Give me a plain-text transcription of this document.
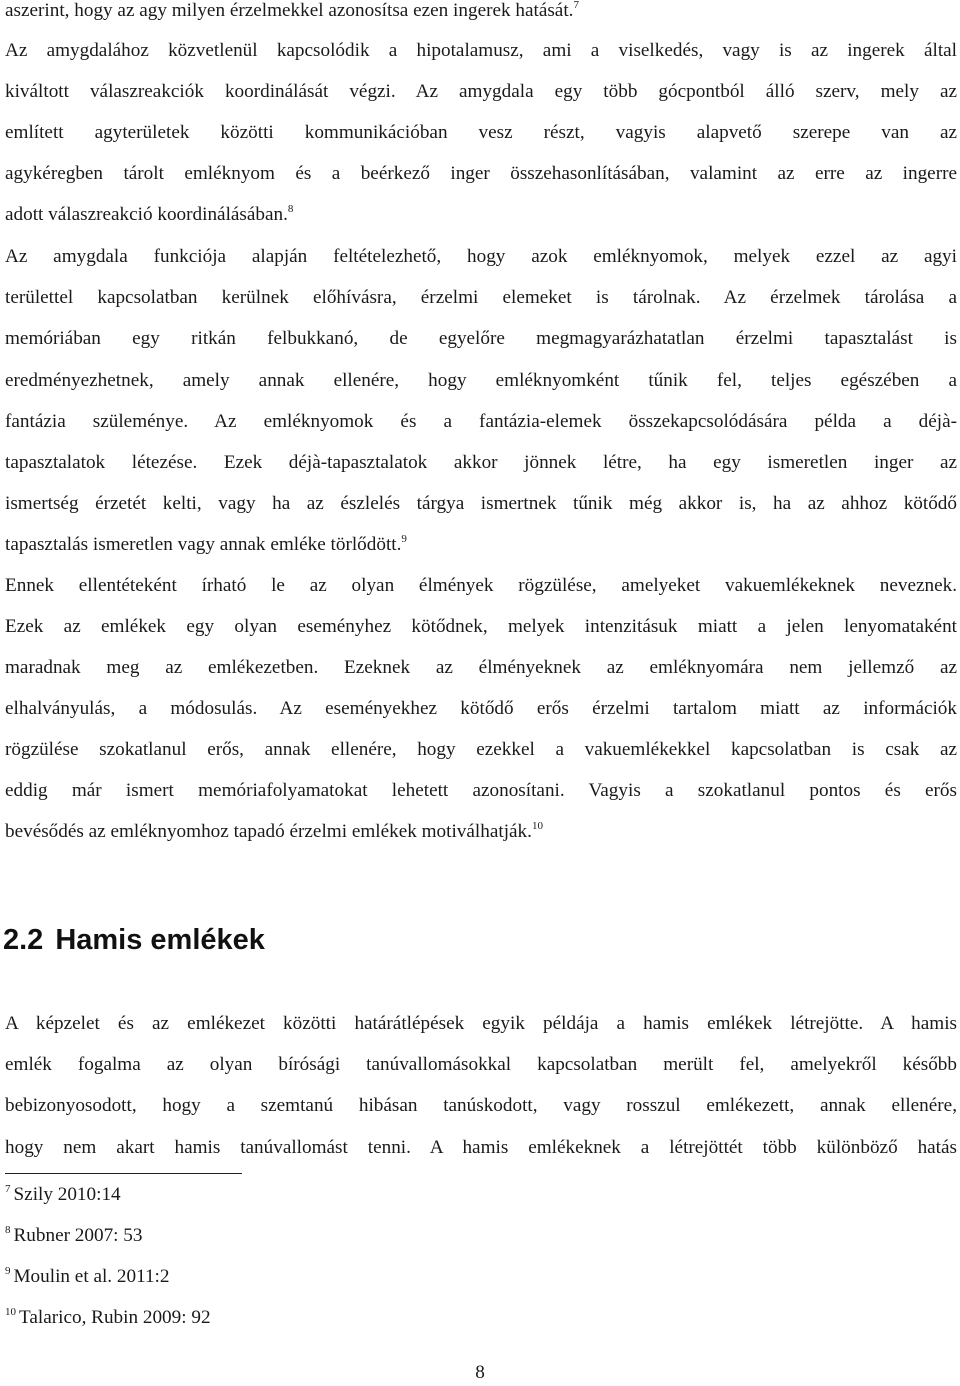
aszerint, hogy az agy milyen érzelmekkel azonosítsa ezen ingerek hatását.$^7$
Az amygdalához közvetlenül kapcsolódik a hipotalamusz, ami a viselkedés, vagy is az ingerek által
kiváltott válaszreakciók koordinálását végzi. Az amygdala egy több gócpontból álló szerv, mely az
említett agyterületek közötti kommunikációban vesz részt, vagyis alapvető szerepe van az
agykéregben tárolt emléknyom és a beérkező inger összehasonlításában, valamint az erre az ingerre
adott válaszreakció koordinálásában.$^8$
Az amygdala funkciója alapján feltételezhető, hogy azok emléknyomok, melyek ezzel az agyi
területtel kapcsolatban kerülnek előhívásra, érzelmi elemeket is tárolnak. Az érzelmek tárolása a
memóriában egy ritkán felbukkanó, de egyelőre megmagyarázhatatlan érzelmi tapasztalást is
eredményezhetnek, amely annak ellenére, hogy emléknyomként tűnik fel, teljes egészében a
fantázia szüleménye. Az emléknyomok és a fantázia-elemek összekapcsolódására példa a déjà-
tapasztalatok létezése. Ezek déjà-tapasztalatok akkor jönnek létre, ha egy ismeretlen inger az
ismertség érzetét kelti, vagy ha az észlelés tárgya ismertnek tűnik még akkor is, ha az ahhoz kötődő
tapasztalás ismeretlen vagy annak emléke törlődött.$^9$
Ennek ellentéteként írható le az olyan élmények rögzülése, amelyeket vakuemlékeknek neveznek.
Ezek az emlékek egy olyan eseményhez kötődnek, melyek intenzitásuk miatt a jelen lenyomataként
maradnak meg az emlékezetben. Ezeknek az élményeknek az emléknyomára nem jellemző az
elhalványulás, a módosulás. Az eseményekhez kötődő erős érzelmi tartalom miatt az információk
rögzülése szokatlanul erős, annak ellenére, hogy ezekkel a vakuemlékekkel kapcsolatban is csak az
eddig már ismert memóriafolyamatokat lehetett azonosítani. Vagyis a szokatlanul pontos és erős
bevésődés az emléknyomhoz tapadó érzelmi emlékek motiválhatják.$^{10}$
2.2 Hamis emlékek
A képzelet és az emlékezet közötti határátlépések egyik példája a hamis emlékek létrejötte. A hamis
emlék fogalma az olyan bírósági tanúvallomásokkal kapcsolatban merült fel, amelyekről később
bebizonyosodott, hogy a szemtanú hibásan tanúskodott, vagy rosszul emlékezett, annak ellenére,
hogy nem akart hamis tanúvallomást tenni. A hamis emlékeknek a létrejöttét több különböző hatás
$^7$ Szily 2010:14
$^8$ Rubner 2007: 53
$^9$ Moulin et al. 2011:2
$^{10}$ Talarico, Rubin 2009: 92
8
